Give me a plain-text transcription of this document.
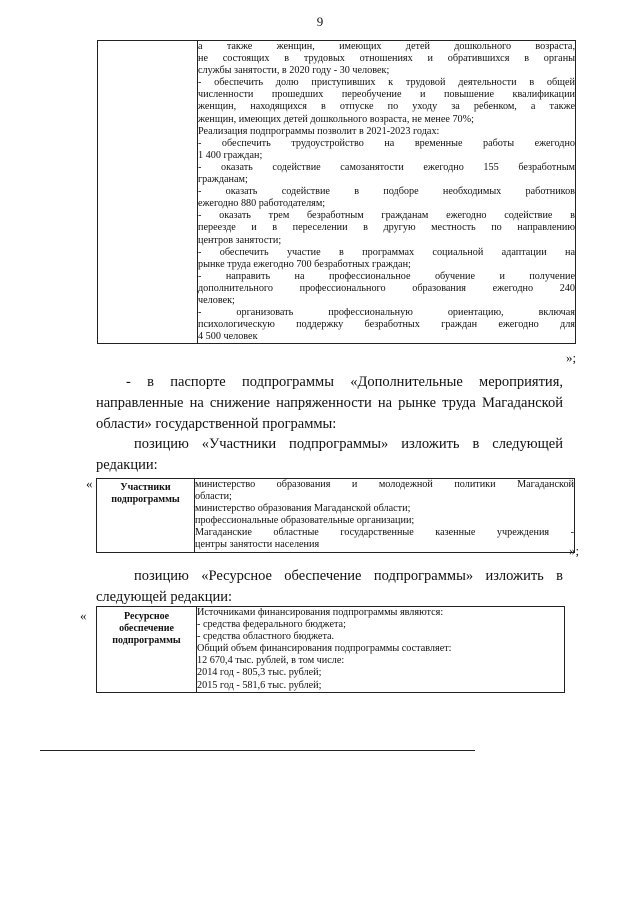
9

а также женщин, имеющих детей дошкольного возраста,
не состоящих в трудовых отношениях и обратившихся в органы
службы занятости, в 2020 году - 30 человек;
- обеспечить долю приступивших к трудовой деятельности в общей
численности прошедших переобучение и повышение квалификации
женщин, находящихся в отпуске по уходу за ребенком, а также
женщин, имеющих детей дошкольного возраста, не менее 70%;
Реализация подпрограммы позволит в 2021-2023 годах:
- обеспечить трудоустройство на временные работы ежегодно
1 400 граждан;
- оказать содействие самозанятости ежегодно 155 безработным
гражданам;
- оказать содействие в подборе необходимых работников
ежегодно 880 работодателям;
- оказать трем безработным гражданам ежегодно содействие в
переезде и в переселении в другую местность по направлению
центров занятости;
- обеспечить участие в программах социальной адаптации на
рынке труда ежегодно 700 безработных граждан;
- направить на профессиональное обучение и получение
дополнительного профессионального образования ежегодно 240
человек;
- организовать профессиональную ориентацию, включая
психологическую поддержку безработных граждан ежегодно для
4 500 человек
»;
- в паспорте подпрограммы «Дополнительные мероприятия,
направленные на снижение напряженности на рынке труда Магаданской
области» государственной программы:
позицию «Участники подпрограммы» изложить в следующей
редакции:
«	Участники подпрограммы	
министерство образования и молодежной политики Магаданской
области;
министерство образования Магаданской области;
профессиональные образовательные организации;
Магаданские областные государственные казенные учреждения -
центры занятости населения	»;
позицию «Ресурсное обеспечение подпрограммы» изложить в
следующей редакции:
«	Ресурсное обеспечение подпрограммы	
Источниками финансирования подпрограммы являются:
- средства федерального бюджета;
- средства областного бюджета.
Общий объем финансирования подпрограммы составляет:
12 670,4 тыс. рублей, в том числе:
2014 год - 805,3 тыс. рублей;
2015 год - 581,6 тыс. рублей;
